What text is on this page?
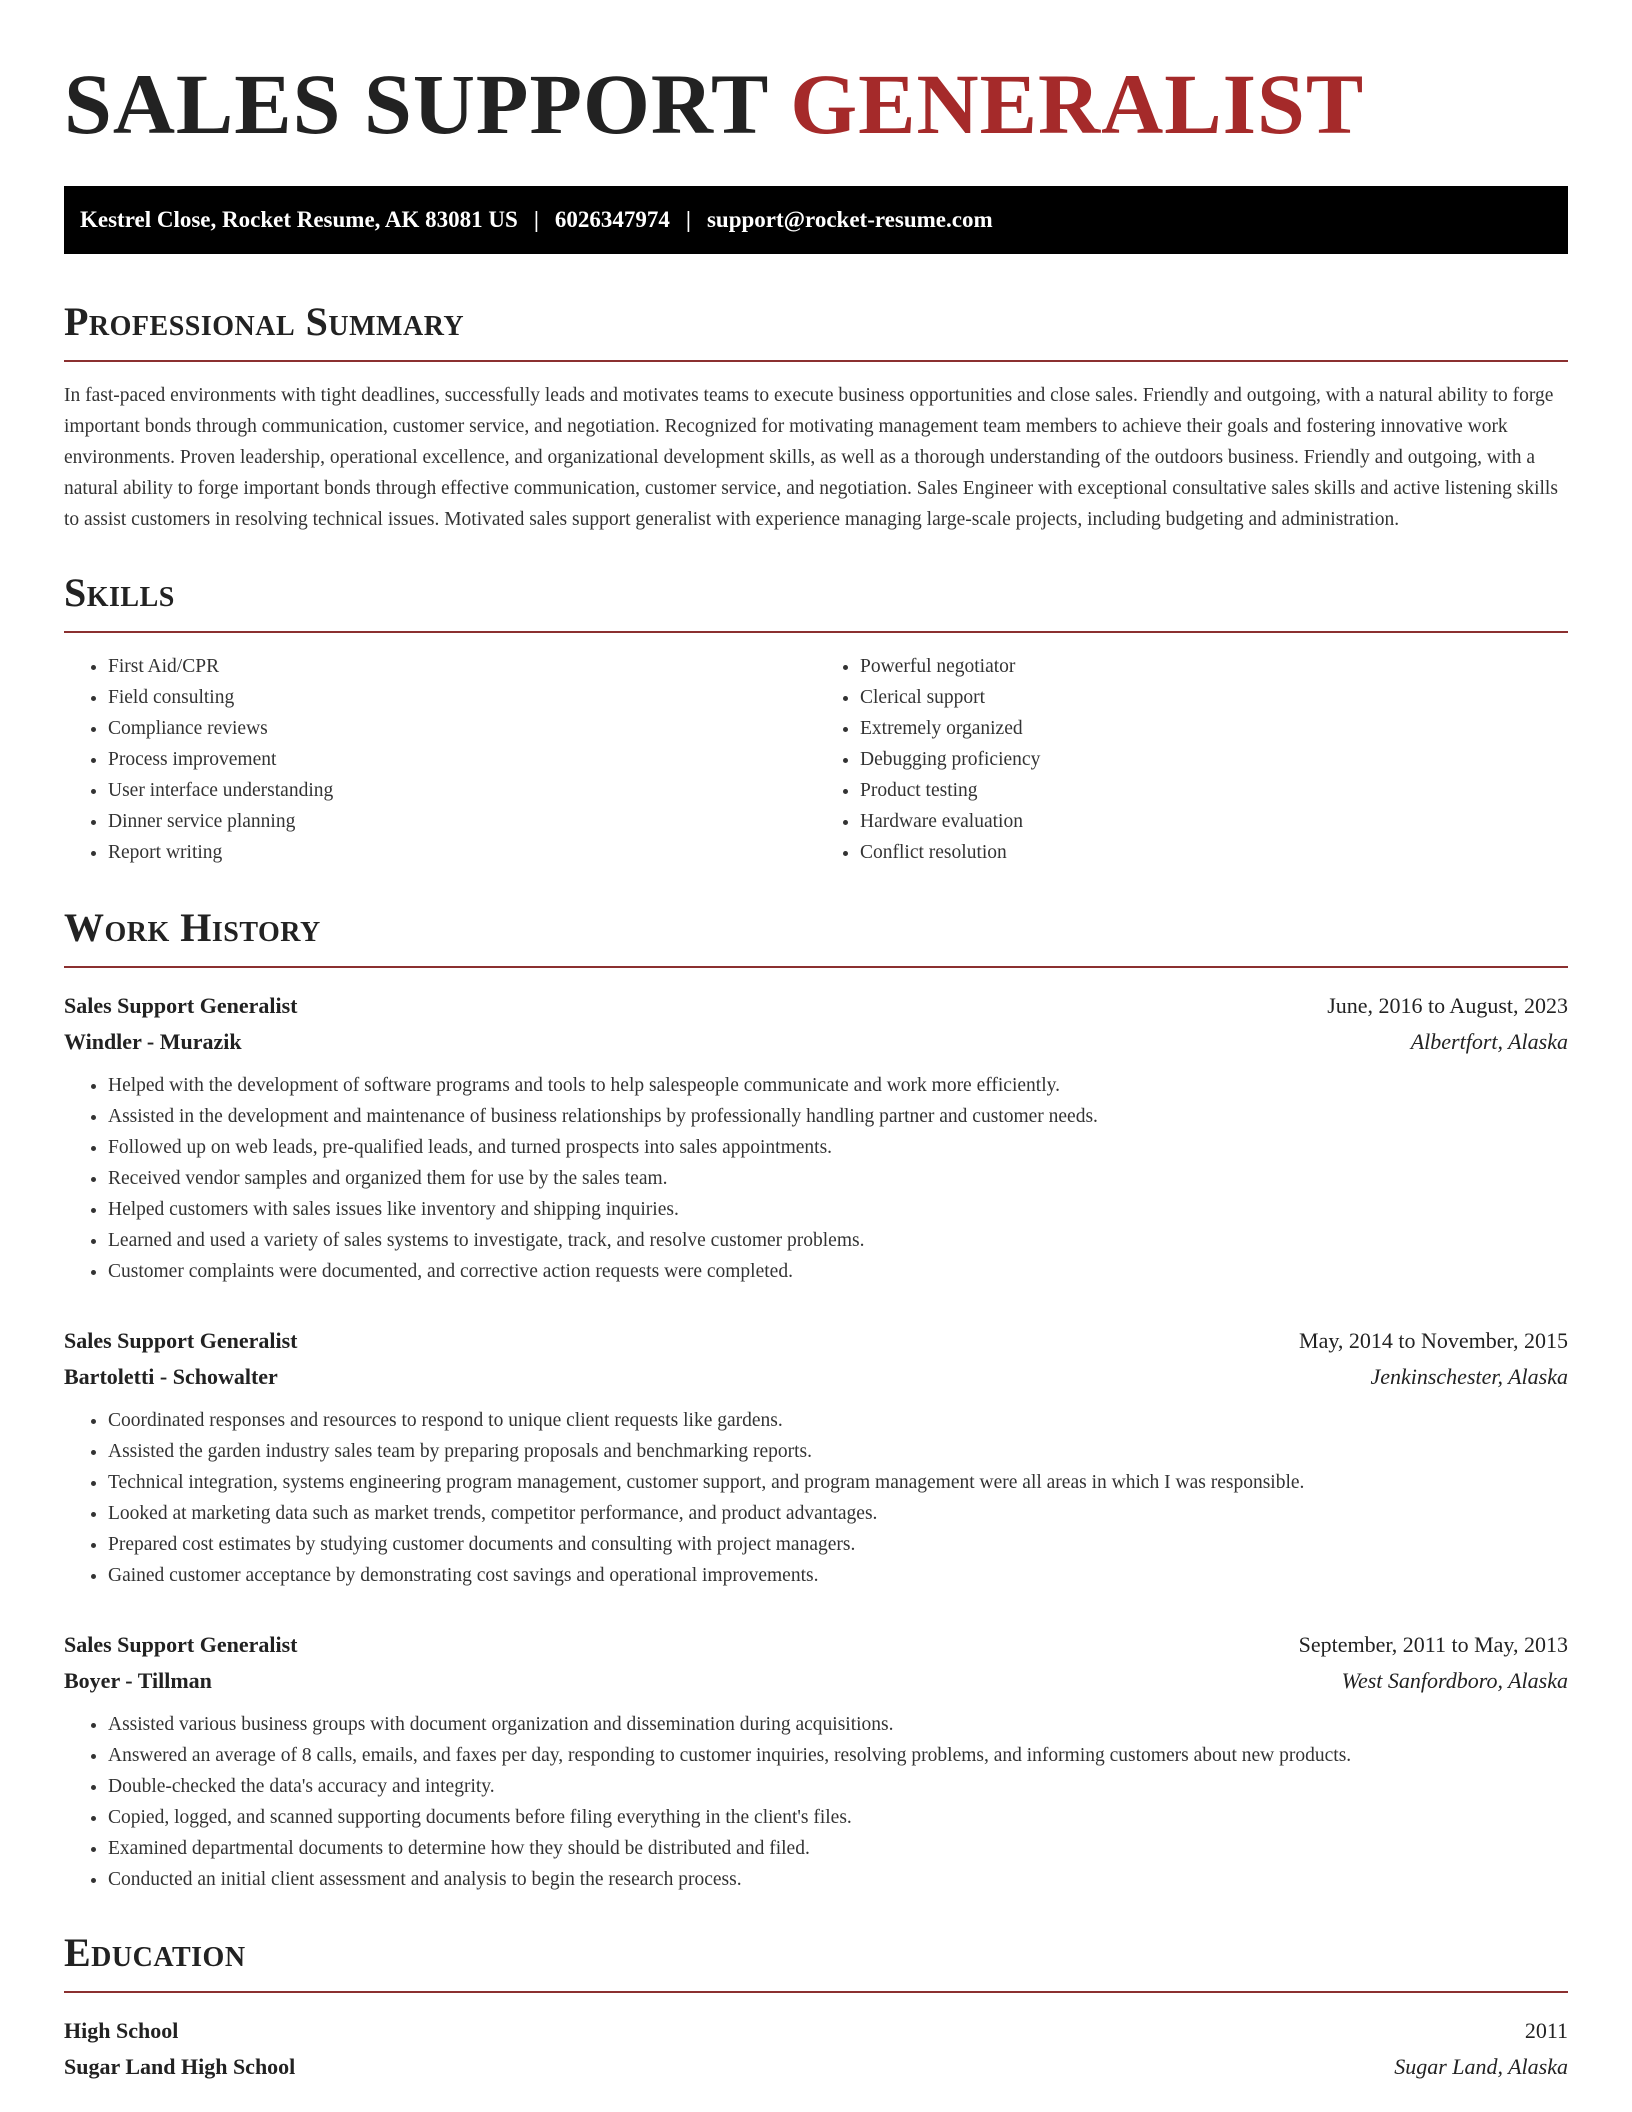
SALES SUPPORT GENERALIST
Kestrel Close, Rocket Resume, AK 83081 US | 6026347974 | support@rocket-resume.com
Professional Summary

In fast-paced environments with tight deadlines, successfully leads and motivates teams to execute business opportunities and close sales. Friendly and outgoing, with a natural ability to forge important bonds through communication, customer service, and negotiation. Recognized for motivating management team members to achieve their goals and fostering innovative work environments. Proven leadership, operational excellence, and organizational development skills, as well as a thorough understanding of the outdoors business. Friendly and outgoing, with a natural ability to forge important bonds through effective communication, customer service, and negotiation. Sales Engineer with exceptional consultative sales skills and active listening skills to assist customers in resolving technical issues. Motivated sales support generalist with experience managing large-scale projects, including budgeting and administration.

Skills
• First Aid/CPR
• Field consulting
• Compliance reviews
• Process improvement
• User interface understanding
• Dinner service planning
• Report writing
• Powerful negotiator
• Clerical support
• Extremely organized
• Debugging proficiency
• Product testing
• Hardware evaluation
• Conflict resolution
Work History
Sales Support Generalist	June, 2016 to August, 2023
Windler - Murazik	Albertfort, Alaska
• Helped with the development of software programs and tools to help salespeople communicate and work more efficiently.
• Assisted in the development and maintenance of business relationships by professionally handling partner and customer needs.
• Followed up on web leads, pre-qualified leads, and turned prospects into sales appointments.
• Received vendor samples and organized them for use by the sales team.
• Helped customers with sales issues like inventory and shipping inquiries.
• Learned and used a variety of sales systems to investigate, track, and resolve customer problems.
• Customer complaints were documented, and corrective action requests were completed.
Sales Support Generalist	May, 2014 to November, 2015
Bartoletti - Schowalter	Jenkinschester, Alaska
• Coordinated responses and resources to respond to unique client requests like gardens.
• Assisted the garden industry sales team by preparing proposals and benchmarking reports.
• Technical integration, systems engineering program management, customer support, and program management were all areas in which I was responsible.
• Looked at marketing data such as market trends, competitor performance, and product advantages.
• Prepared cost estimates by studying customer documents and consulting with project managers.
• Gained customer acceptance by demonstrating cost savings and operational improvements.
Sales Support Generalist	September, 2011 to May, 2013
Boyer - Tillman	West Sanfordboro, Alaska
• Assisted various business groups with document organization and dissemination during acquisitions.
• Answered an average of 8 calls, emails, and faxes per day, responding to customer inquiries, resolving problems, and informing customers about new products.
• Double-checked the data's accuracy and integrity.
• Copied, logged, and scanned supporting documents before filing everything in the client's files.
• Examined departmental documents to determine how they should be distributed and filed.
• Conducted an initial client assessment and analysis to begin the research process.
Education
High School	2011
Sugar Land High School	Sugar Land, Alaska
